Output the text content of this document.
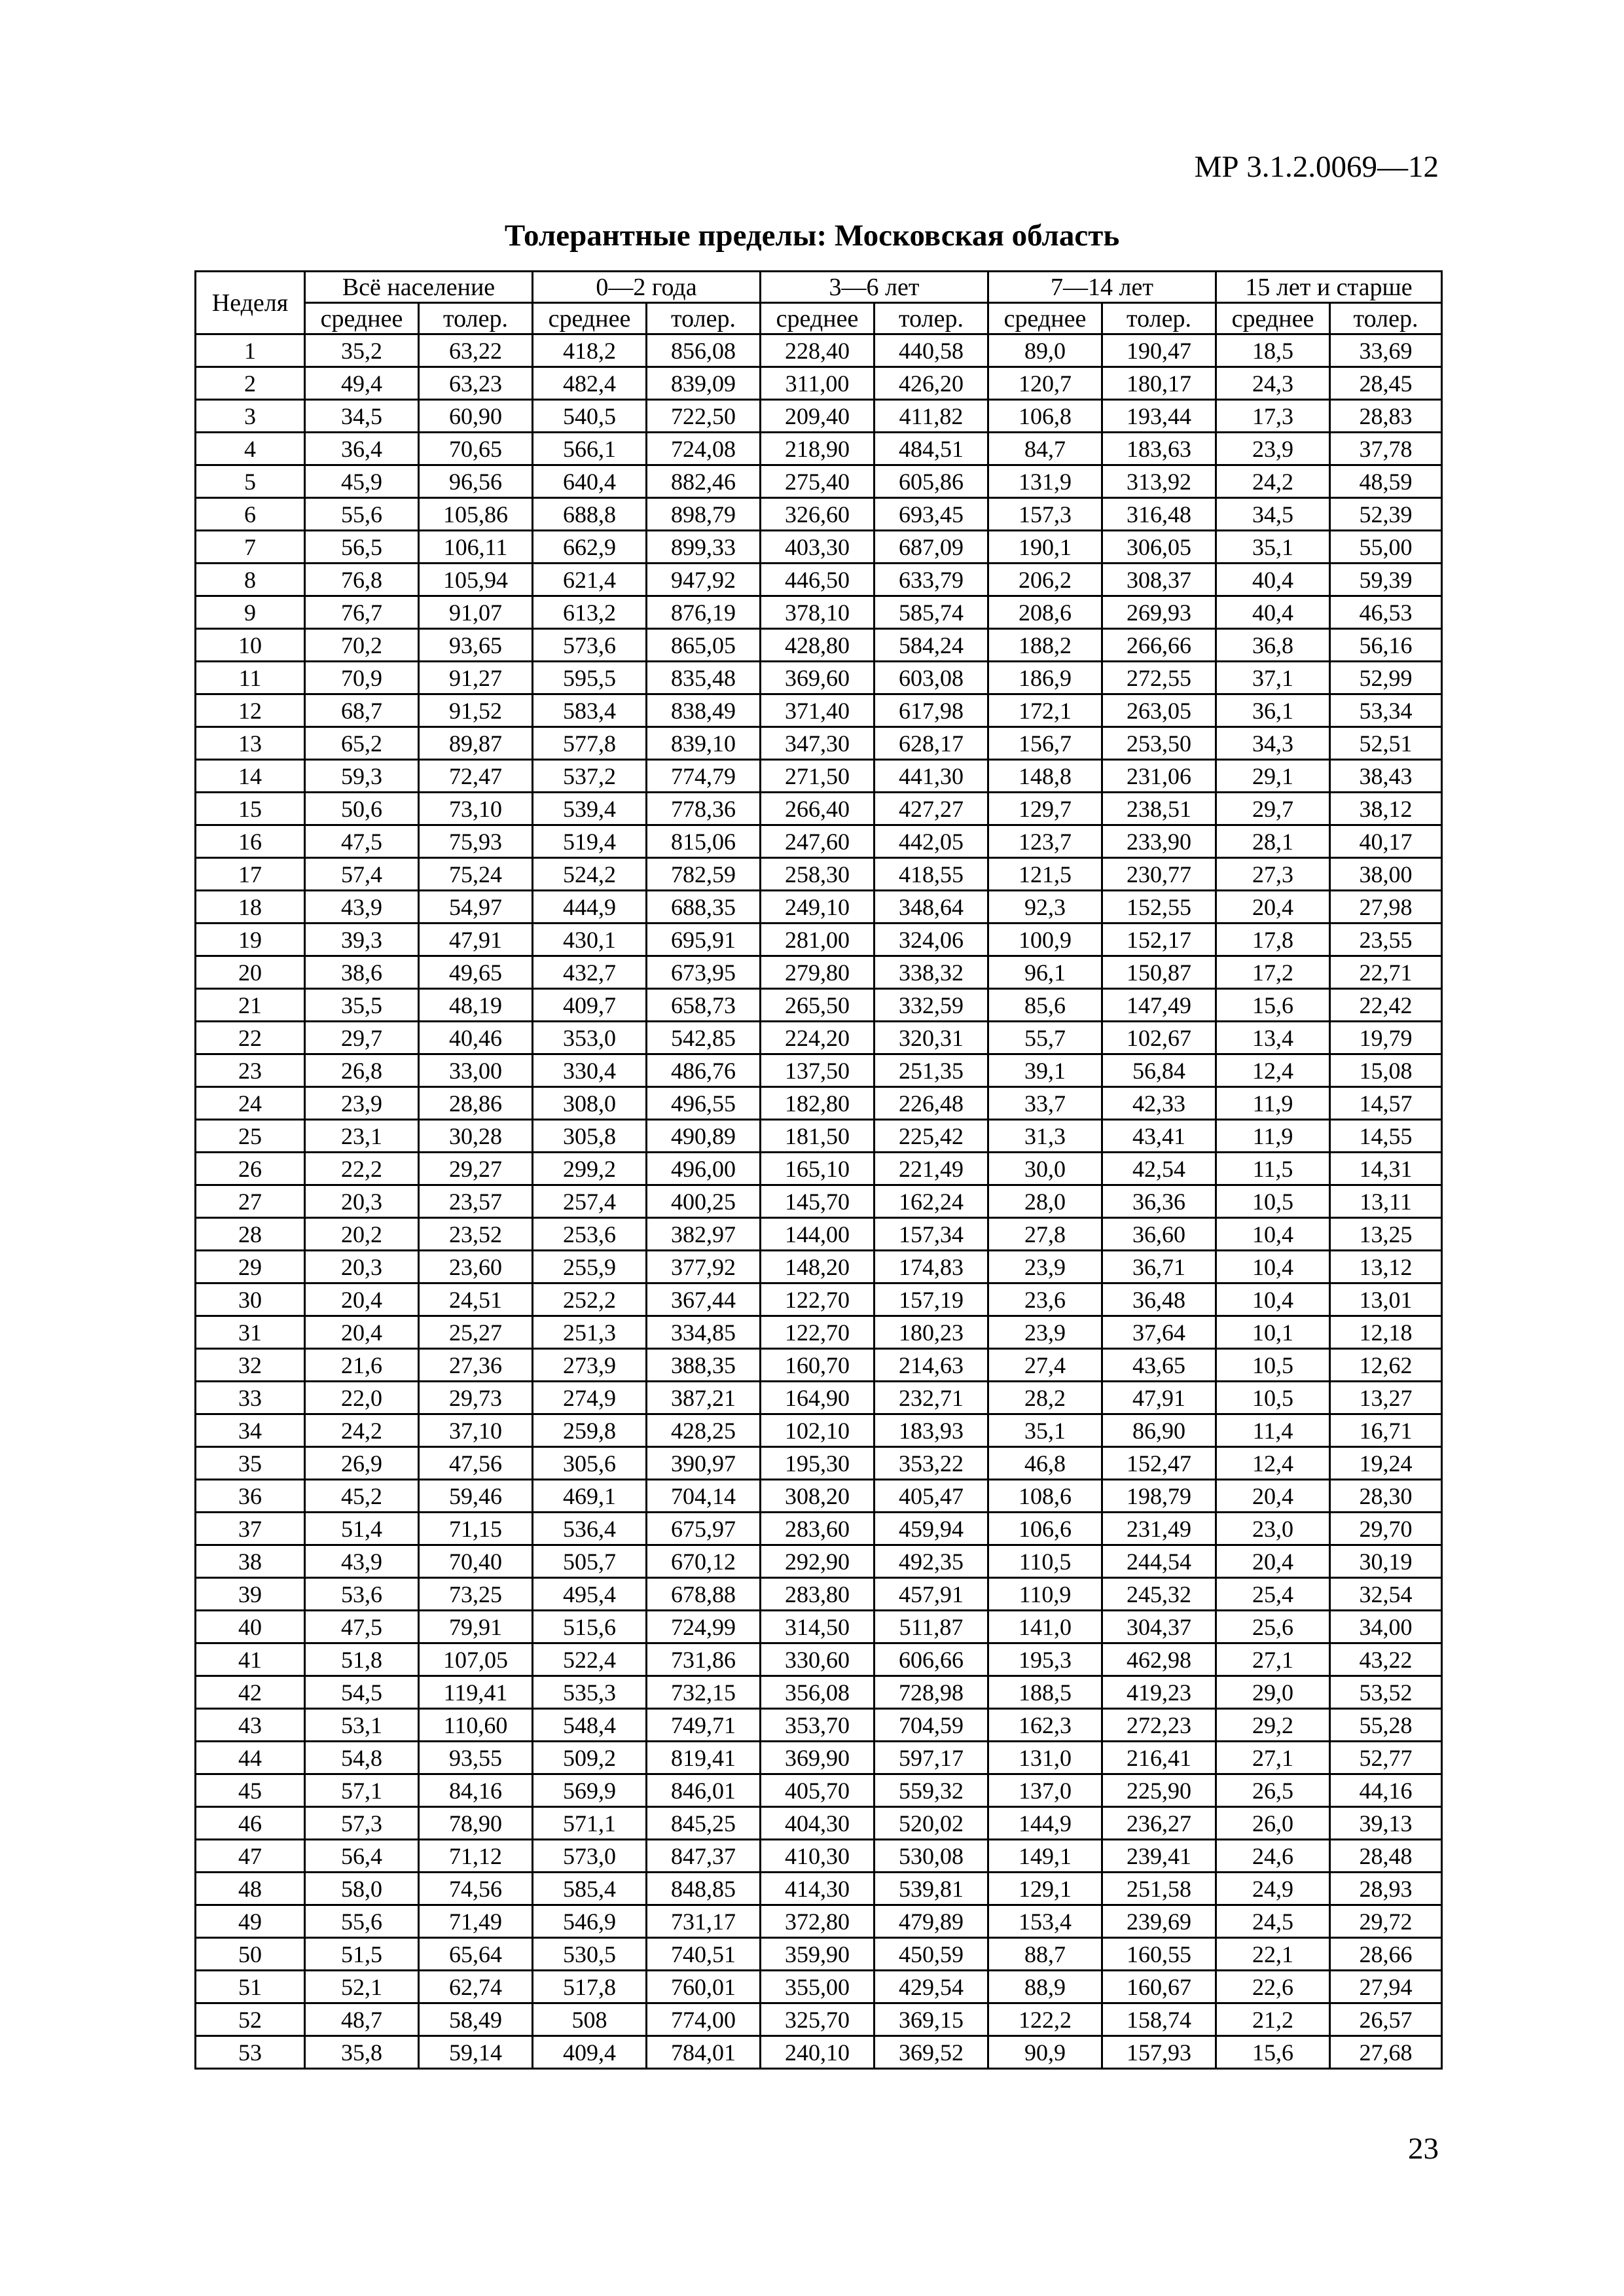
МР 3.1.2.0069—12
Толерантные пределы: Московская область
Неделя	Всё население		0—2 года		3—6 лет		7—14 лет		15 лет и старше	
	среднее	толер.	среднее	толер.	среднее	толер.	среднее	толер.	среднее	толер.
1	35,2	63,22	418,2	856,08	228,40	440,58	89,0	190,47	18,5	33,69
2	49,4	63,23	482,4	839,09	311,00	426,20	120,7	180,17	24,3	28,45
3	34,5	60,90	540,5	722,50	209,40	411,82	106,8	193,44	17,3	28,83
4	36,4	70,65	566,1	724,08	218,90	484,51	84,7	183,63	23,9	37,78
5	45,9	96,56	640,4	882,46	275,40	605,86	131,9	313,92	24,2	48,59
6	55,6	105,86	688,8	898,79	326,60	693,45	157,3	316,48	34,5	52,39
7	56,5	106,11	662,9	899,33	403,30	687,09	190,1	306,05	35,1	55,00
8	76,8	105,94	621,4	947,92	446,50	633,79	206,2	308,37	40,4	59,39
9	76,7	91,07	613,2	876,19	378,10	585,74	208,6	269,93	40,4	46,53
10	70,2	93,65	573,6	865,05	428,80	584,24	188,2	266,66	36,8	56,16
11	70,9	91,27	595,5	835,48	369,60	603,08	186,9	272,55	37,1	52,99
12	68,7	91,52	583,4	838,49	371,40	617,98	172,1	263,05	36,1	53,34
13	65,2	89,87	577,8	839,10	347,30	628,17	156,7	253,50	34,3	52,51
14	59,3	72,47	537,2	774,79	271,50	441,30	148,8	231,06	29,1	38,43
15	50,6	73,10	539,4	778,36	266,40	427,27	129,7	238,51	29,7	38,12
16	47,5	75,93	519,4	815,06	247,60	442,05	123,7	233,90	28,1	40,17
17	57,4	75,24	524,2	782,59	258,30	418,55	121,5	230,77	27,3	38,00
18	43,9	54,97	444,9	688,35	249,10	348,64	92,3	152,55	20,4	27,98
19	39,3	47,91	430,1	695,91	281,00	324,06	100,9	152,17	17,8	23,55
20	38,6	49,65	432,7	673,95	279,80	338,32	96,1	150,87	17,2	22,71
21	35,5	48,19	409,7	658,73	265,50	332,59	85,6	147,49	15,6	22,42
22	29,7	40,46	353,0	542,85	224,20	320,31	55,7	102,67	13,4	19,79
23	26,8	33,00	330,4	486,76	137,50	251,35	39,1	56,84	12,4	15,08
24	23,9	28,86	308,0	496,55	182,80	226,48	33,7	42,33	11,9	14,57
25	23,1	30,28	305,8	490,89	181,50	225,42	31,3	43,41	11,9	14,55
26	22,2	29,27	299,2	496,00	165,10	221,49	30,0	42,54	11,5	14,31
27	20,3	23,57	257,4	400,25	145,70	162,24	28,0	36,36	10,5	13,11
28	20,2	23,52	253,6	382,97	144,00	157,34	27,8	36,60	10,4	13,25
29	20,3	23,60	255,9	377,92	148,20	174,83	23,9	36,71	10,4	13,12
30	20,4	24,51	252,2	367,44	122,70	157,19	23,6	36,48	10,4	13,01
31	20,4	25,27	251,3	334,85	122,70	180,23	23,9	37,64	10,1	12,18
32	21,6	27,36	273,9	388,35	160,70	214,63	27,4	43,65	10,5	12,62
33	22,0	29,73	274,9	387,21	164,90	232,71	28,2	47,91	10,5	13,27
34	24,2	37,10	259,8	428,25	102,10	183,93	35,1	86,90	11,4	16,71
35	26,9	47,56	305,6	390,97	195,30	353,22	46,8	152,47	12,4	19,24
36	45,2	59,46	469,1	704,14	308,20	405,47	108,6	198,79	20,4	28,30
37	51,4	71,15	536,4	675,97	283,60	459,94	106,6	231,49	23,0	29,70
38	43,9	70,40	505,7	670,12	292,90	492,35	110,5	244,54	20,4	30,19
39	53,6	73,25	495,4	678,88	283,80	457,91	110,9	245,32	25,4	32,54
40	47,5	79,91	515,6	724,99	314,50	511,87	141,0	304,37	25,6	34,00
41	51,8	107,05	522,4	731,86	330,60	606,66	195,3	462,98	27,1	43,22
42	54,5	119,41	535,3	732,15	356,08	728,98	188,5	419,23	29,0	53,52
43	53,1	110,60	548,4	749,71	353,70	704,59	162,3	272,23	29,2	55,28
44	54,8	93,55	509,2	819,41	369,90	597,17	131,0	216,41	27,1	52,77
45	57,1	84,16	569,9	846,01	405,70	559,32	137,0	225,90	26,5	44,16
46	57,3	78,90	571,1	845,25	404,30	520,02	144,9	236,27	26,0	39,13
47	56,4	71,12	573,0	847,37	410,30	530,08	149,1	239,41	24,6	28,48
48	58,0	74,56	585,4	848,85	414,30	539,81	129,1	251,58	24,9	28,93
49	55,6	71,49	546,9	731,17	372,80	479,89	153,4	239,69	24,5	29,72
50	51,5	65,64	530,5	740,51	359,90	450,59	88,7	160,55	22,1	28,66
51	52,1	62,74	517,8	760,01	355,00	429,54	88,9	160,67	22,6	27,94
52	48,7	58,49	508	774,00	325,70	369,15	122,2	158,74	21,2	26,57
53	35,8	59,14	409,4	784,01	240,10	369,52	90,9	157,93	15,6	27,68
23
